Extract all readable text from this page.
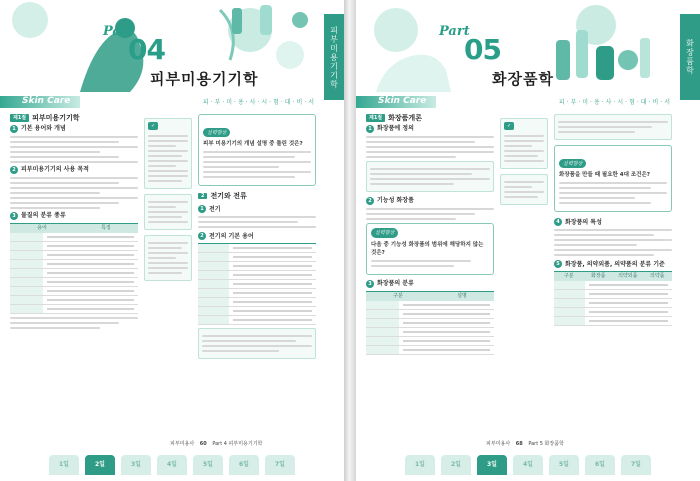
Part
04
피부미용기기학	피부미용기기학
Skin Care	피·부·미·용·사·시·험·대·비·서
제1절 피부미용기기학
1 기본 용어와 개념
2 피부미용기기의 사용 목적
3 물질의 분류 종류
용어	특징
✓
실력향상
피부 미용기기의 개념 설명 중 틀린 것은?
2 전기와 전류
1 전기
2 전기의 기본 용어
피부미용사 60 Part 4 피부미용기기학
1일	2일	3일	4일	5일	6일	7일
Part
05
화장품학
화장품학
Skin Care	피·부·미·용·사·시·험·대·비·서
제1절 화장품개론
1 화장품에 정의
2 기능성 화장품
실력향상
다음 중 기능성 화장품의 범위에 해당하지 않는 것은?
3 화장품의 분류
구분	설명
✓
실력향상
화장품을 만들 때 필요한 4대 조건은?
4 화장품의 특성
5 화장품, 의약외품, 의약품의 분류 기준
구분	화장품	의약외품	의약품
피부미용사 68 Part 5 화장품학
1일	2일	3일	4일	5일	6일	7일
